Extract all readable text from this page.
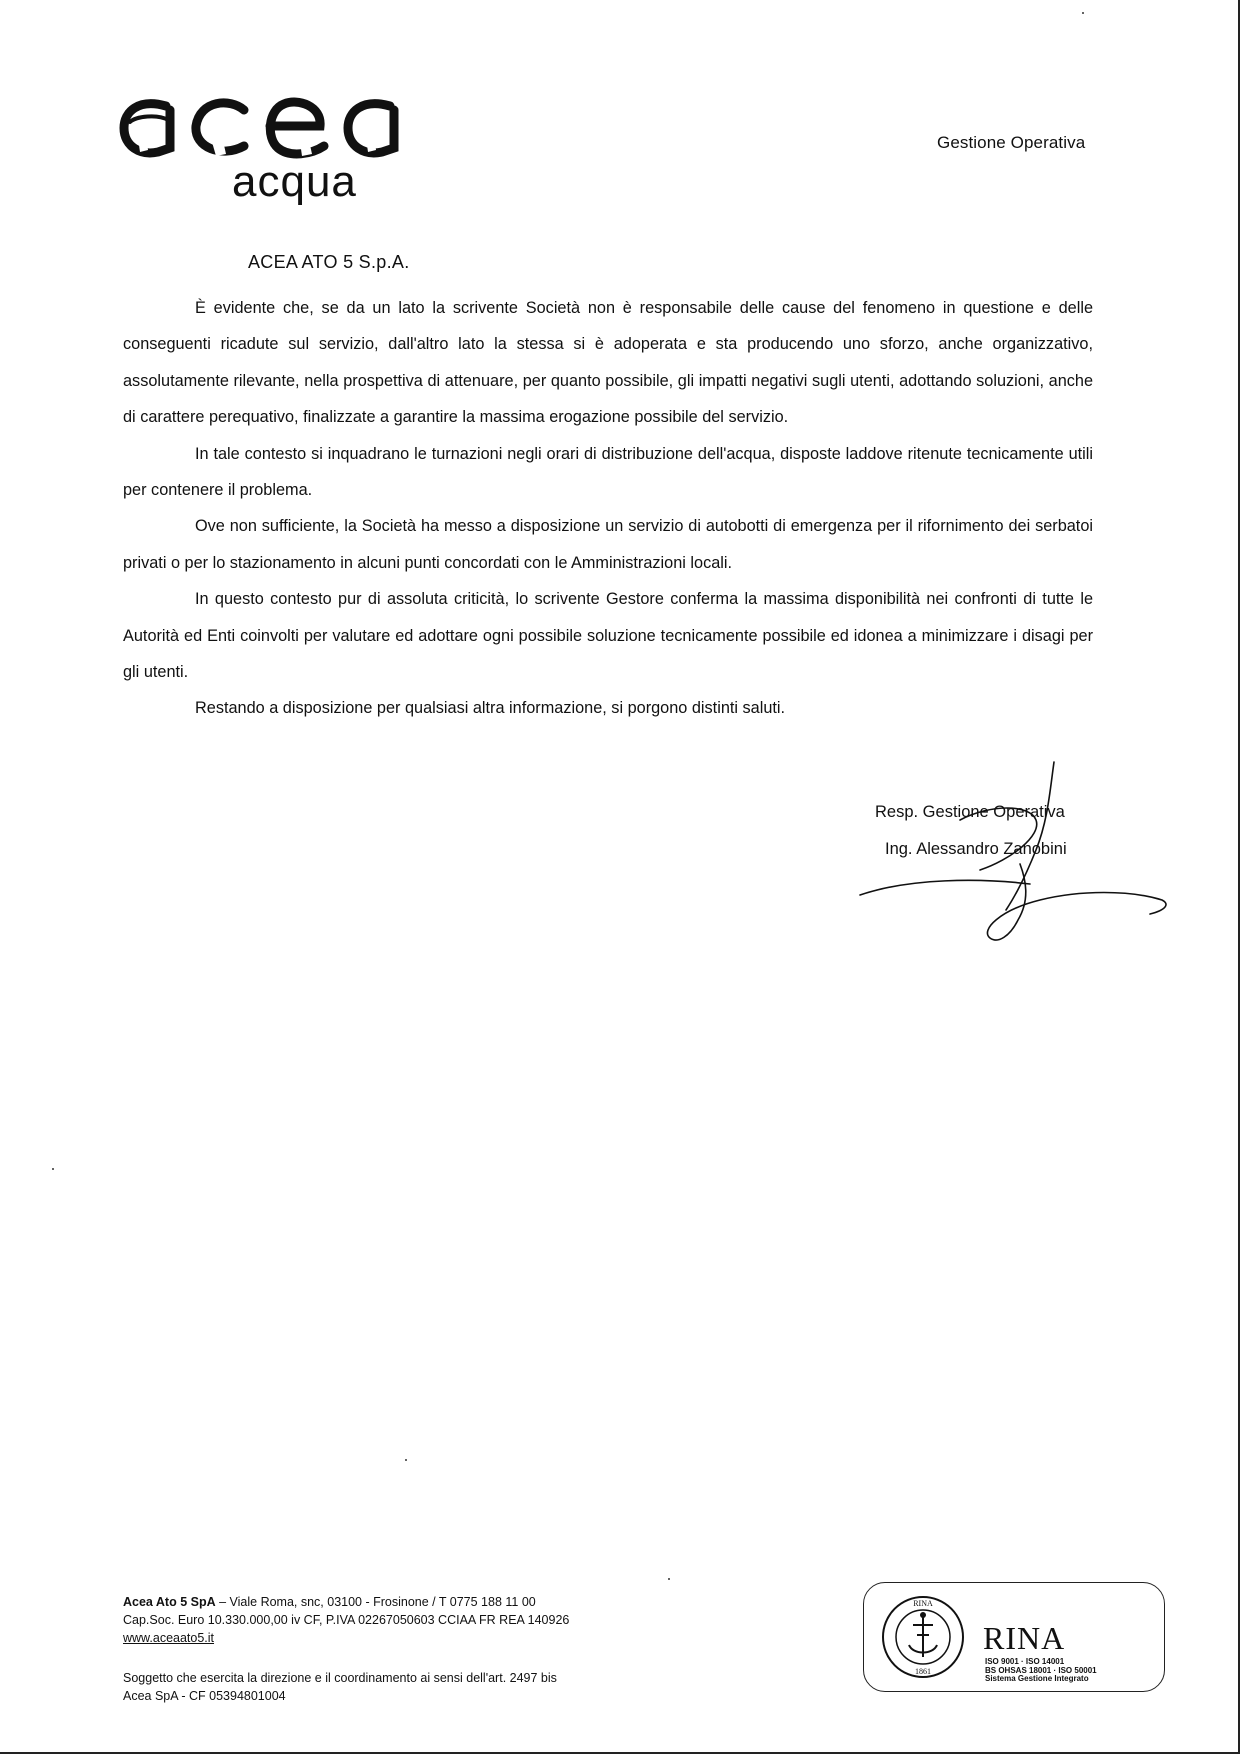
acqua
Gestione Operativa
ACEA ATO 5 S.p.A.

È evidente che, se da un lato la scrivente Società non è responsabile delle cause del fenomeno in questione e delle conseguenti ricadute sul servizio, dall'altro lato la stessa si è adoperata e sta producendo uno sforzo, anche organizzativo, assolutamente rilevante, nella prospettiva di attenuare, per quanto possibile, gli impatti negativi sugli utenti, adottando soluzioni, anche di carattere perequativo, finalizzate a garantire la massima erogazione possibile del servizio.

In tale contesto si inquadrano le turnazioni negli orari di distribuzione dell'acqua, disposte laddove ritenute tecnicamente utili per contenere il problema.

Ove non sufficiente, la Società ha messo a disposizione un servizio di autobotti di emergenza per il rifornimento dei serbatoi privati o per lo stazionamento in alcuni punti concordati con le Amministrazioni locali.

In questo contesto pur di assoluta criticità, lo scrivente Gestore conferma la massima disponibilità nei confronti di tutte le Autorità ed Enti coinvolti per valutare ed adottare ogni possibile soluzione tecnicamente possibile ed idonea a minimizzare i disagi per gli utenti.

Restando a disposizione per qualsiasi altra informazione, si porgono distinti saluti.

Resp. Gestione Operativa
Ing. Alessandro Zanobini
Acea Ato 5 SpA – Viale Roma, snc, 03100 - Frosinone / T 0775 188 11 00
Cap.Soc. Euro 10.330.000,00 iv CF, P.IVA 02267050603 CCIAA FR REA 140926
www.aceaato5.it
Soggetto che esercita la direzione e il coordinamento ai sensi dell'art. 2497 bis
Acea SpA - CF 05394801004
RINA
1861
RINA
ISO 9001 · ISO 14001
BS OHSAS 18001 · ISO 50001
Sistema Gestione Integrato
